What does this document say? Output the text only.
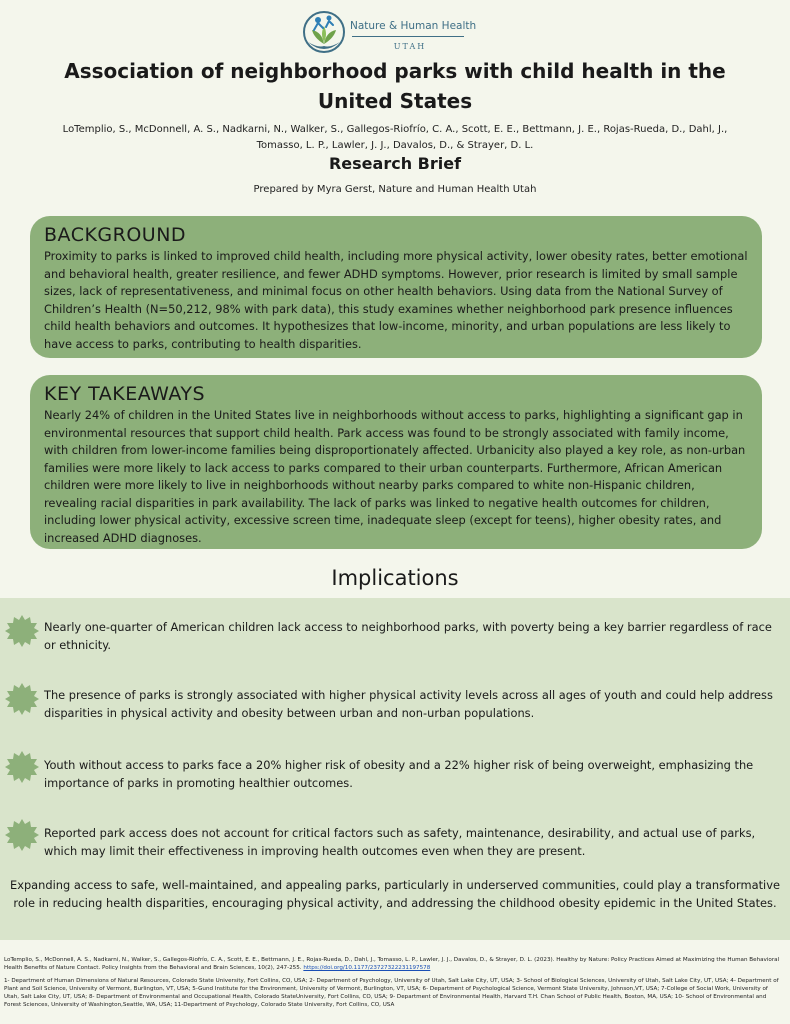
Nature & Human Health
UTAH
Association of neighborhood parks with child health in the United States
LoTemplio, S., McDonnell, A. S., Nadkarni, N., Walker, S., Gallegos-Riofrío, C. A., Scott, E. E., Bettmann, J. E., Rojas-Rueda, D., Dahl, J., Tomasso, L. P., Lawler, J. J., Davalos, D., & Strayer, D. L.
Research Brief
Prepared by Myra Gerst, Nature and Human Health Utah
BACKGROUND

Proximity to parks is linked to improved child health, including more physical activity, lower obesity rates, better emotional and behavioral health, greater resilience, and fewer ADHD symptoms. However, prior research is limited by small sample sizes, lack of representativeness, and minimal focus on other health behaviors. Using data from the National Survey of Children’s Health (N=50,212, 98% with park data), this study examines whether neighborhood park presence influences child health behaviors and outcomes. It hypothesizes that low-income, minority, and urban populations are less likely to have access to parks, contributing to health disparities.

KEY TAKEAWAYS

Nearly 24% of children in the United States live in neighborhoods without access to parks, highlighting a significant gap in environmental resources that support child health. Park access was found to be strongly associated with family income, with children from lower-income families being disproportionately affected. Urbanicity also played a key role, as non-urban families were more likely to lack access to parks compared to their urban counterparts. Furthermore, African American children were more likely to live in neighborhoods without nearby parks compared to white non-Hispanic children, revealing racial disparities in park availability. The lack of parks was linked to negative health outcomes for children, including lower physical activity, excessive screen time, inadequate sleep (except for teens), higher obesity rates, and increased ADHD diagnoses.

Implications
Nearly one-quarter of American children lack access to neighborhood parks, with poverty being a key barrier regardless of race or ethnicity.
The presence of parks is strongly associated with higher physical activity levels across all ages of youth and could help address disparities in physical activity and obesity between urban and non-urban populations.
Youth without access to parks face a 20% higher risk of obesity and a 22% higher risk of being overweight, emphasizing the importance of parks in promoting healthier outcomes.
Reported park access does not account for critical factors such as safety, maintenance, desirability, and actual use of parks, which may limit their effectiveness in improving health outcomes even when they are present.
Expanding access to safe, well-maintained, and appealing parks, particularly in underserved communities, could play a transformative role in reducing health disparities, encouraging physical activity, and addressing the childhood obesity epidemic in the United States.

LoTemplio, S., McDonnell, A. S., Nadkarni, N., Walker, S., Gallegos-Riofrío, C. A., Scott, E. E., Bettmann, J. E., Rojas-Rueda, D., Dahl, J., Tomasso, L. P., Lawler, J. J., Davalos, D., & Strayer, D. L. (2023). Healthy by Nature: Policy Practices Aimed at Maximizing the Human Behavioral Health Benefits of Nature Contact. Policy Insights from the Behavioral and Brain Sciences, 10(2), 247-255. https://doi.org/10.1177/23727322231197578

1- Department of Human Dimensions of Natural Resources, Colorado State University, Fort Collins, CO, USA; 2- Department of Psychology, University of Utah, Salt Lake City, UT, USA; 3- School of Biological Sciences, University of Utah, Salt Lake City, UT, USA; 4- Department of Plant and Soil Science, University of Vermont, Burlington, VT, USA; 5-Gund Institute for the Environment, University of Vermont, Burlington, VT, USA; 6- Department of Psychological Science, Vermont State University, Johnson,VT, USA; 7-College of Social Work, University of Utah, Salt Lake City, UT, USA; 8- Department of Environmental and Occupational Health, Colorado StateUniversity, Fort Collins, CO, USA; 9- Department of Environmental Health, Harvard T.H. Chan School of Public Health, Boston, MA, USA; 10- School of Environmental and Forest Sciences, University of Washington,Seattle, WA, USA; 11-Department of Psychology, Colorado State University, Fort Collins, CO, USA
